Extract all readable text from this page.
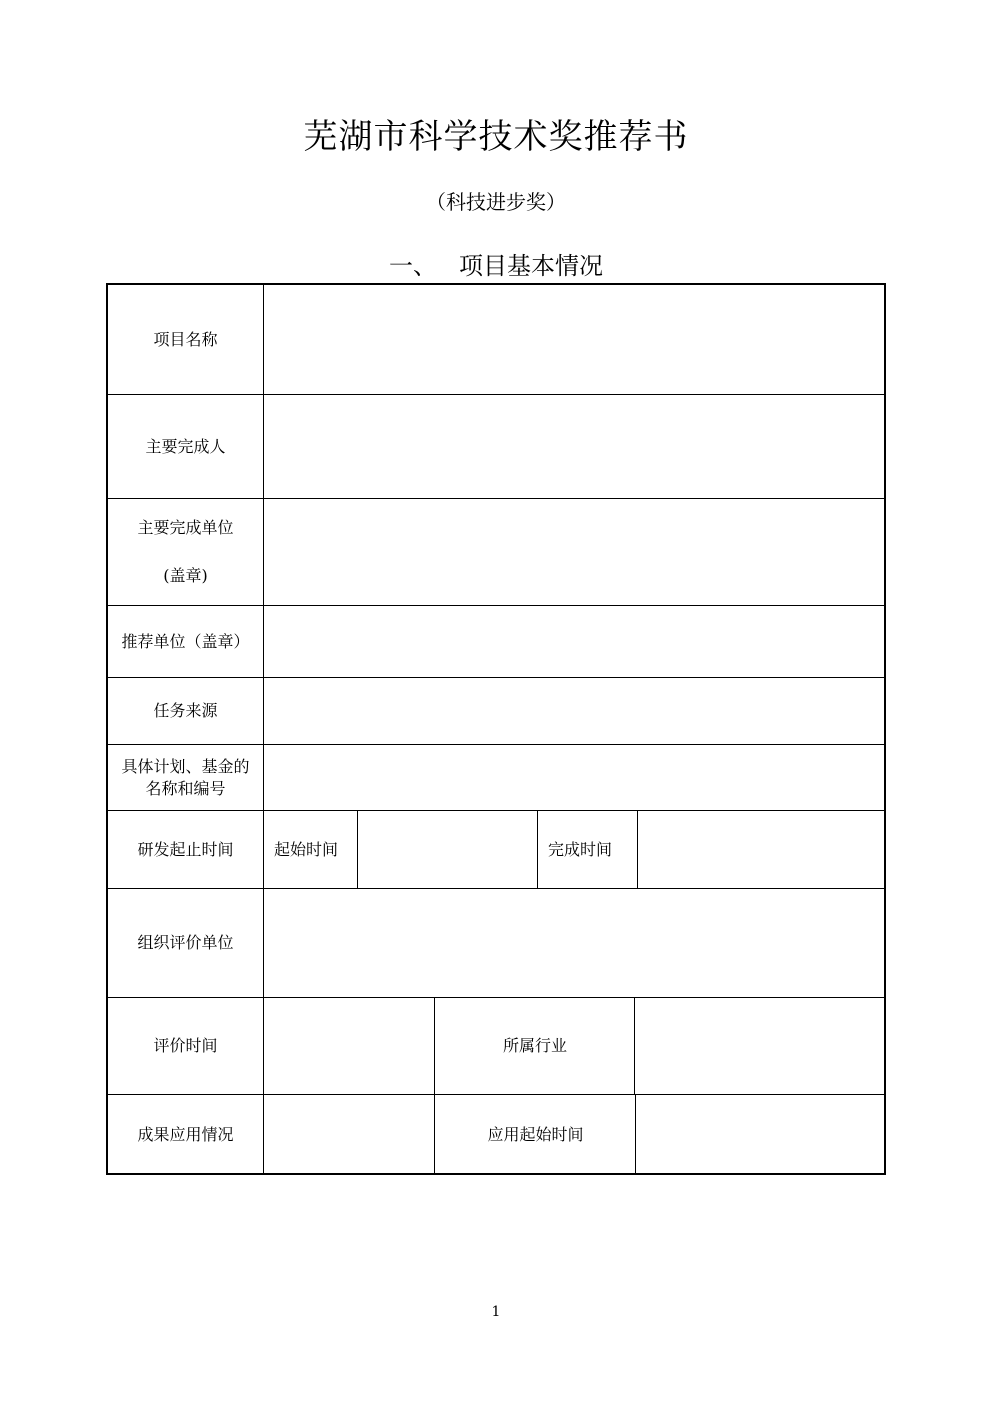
芜湖市科学技术奖推荐书
（科技进步奖）
一、 项目基本情况
项目名称
主要完成人
主要完成单位
(盖章)
推荐单位（盖章）
任务来源
具体计划、基金的
名称和编号
研发起止时间	起始时间	完成时间
组织评价单位
评价时间	所属行业
成果应用情况	应用起始时间
1
